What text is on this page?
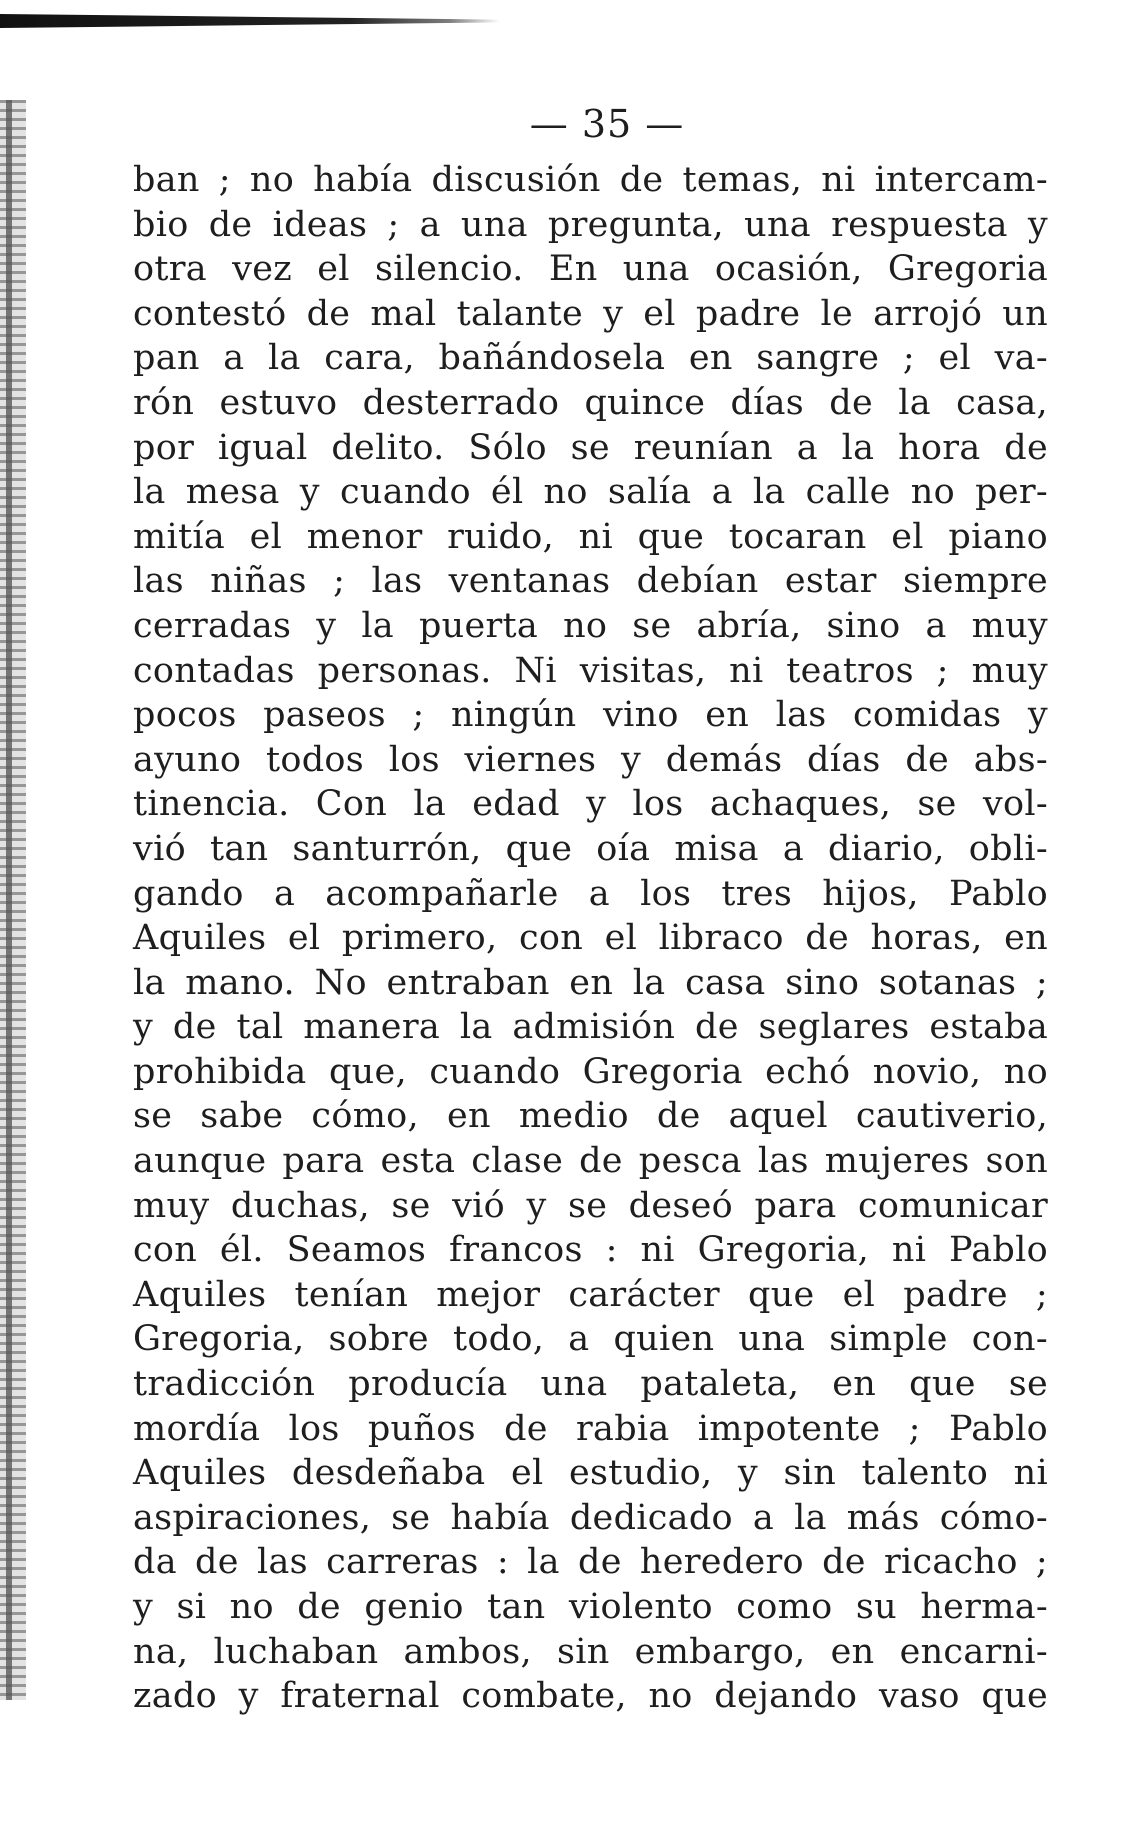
— 35 —
ban ; no había discusión de temas, ni intercam-
bio de ideas ; a una pregunta, una respuesta y
otra vez el silencio. En una ocasión, Gregoria
contestó de mal talante y el padre le arrojó un
pan a la cara, bañándosela en sangre ; el va-
rón estuvo desterrado quince días de la casa,
por igual delito. Sólo se reunían a la hora de
la mesa y cuando él no salía a la calle no per-
mitía el menor ruido, ni que tocaran el piano
las niñas ; las ventanas debían estar siempre
cerradas y la puerta no se abría, sino a muy
contadas personas. Ni visitas, ni teatros ; muy
pocos paseos ; ningún vino en las comidas y
ayuno todos los viernes y demás días de abs-
tinencia. Con la edad y los achaques, se vol-
vió tan santurrón, que oía misa a diario, obli-
gando a acompañarle a los tres hijos, Pablo
Aquiles el primero, con el libraco de horas, en
la mano. No entraban en la casa sino sotanas ;
y de tal manera la admisión de seglares estaba
prohibida que, cuando Gregoria echó novio, no
se sabe cómo, en medio de aquel cautiverio,
aunque para esta clase de pesca las mujeres son
muy duchas, se vió y se deseó para comunicar
con él. Seamos francos : ni Gregoria, ni Pablo
Aquiles tenían mejor carácter que el padre ;
Gregoria, sobre todo, a quien una simple con-
tradicción producía una pataleta, en que se
mordía los puños de rabia impotente ; Pablo
Aquiles desdeñaba el estudio, y sin talento ni
aspiraciones, se había dedicado a la más cómo-
da de las carreras : la de heredero de ricacho ;
y si no de genio tan violento como su herma-
na, luchaban ambos, sin embargo, en encarni-
zado y fraternal combate, no dejando vaso que
